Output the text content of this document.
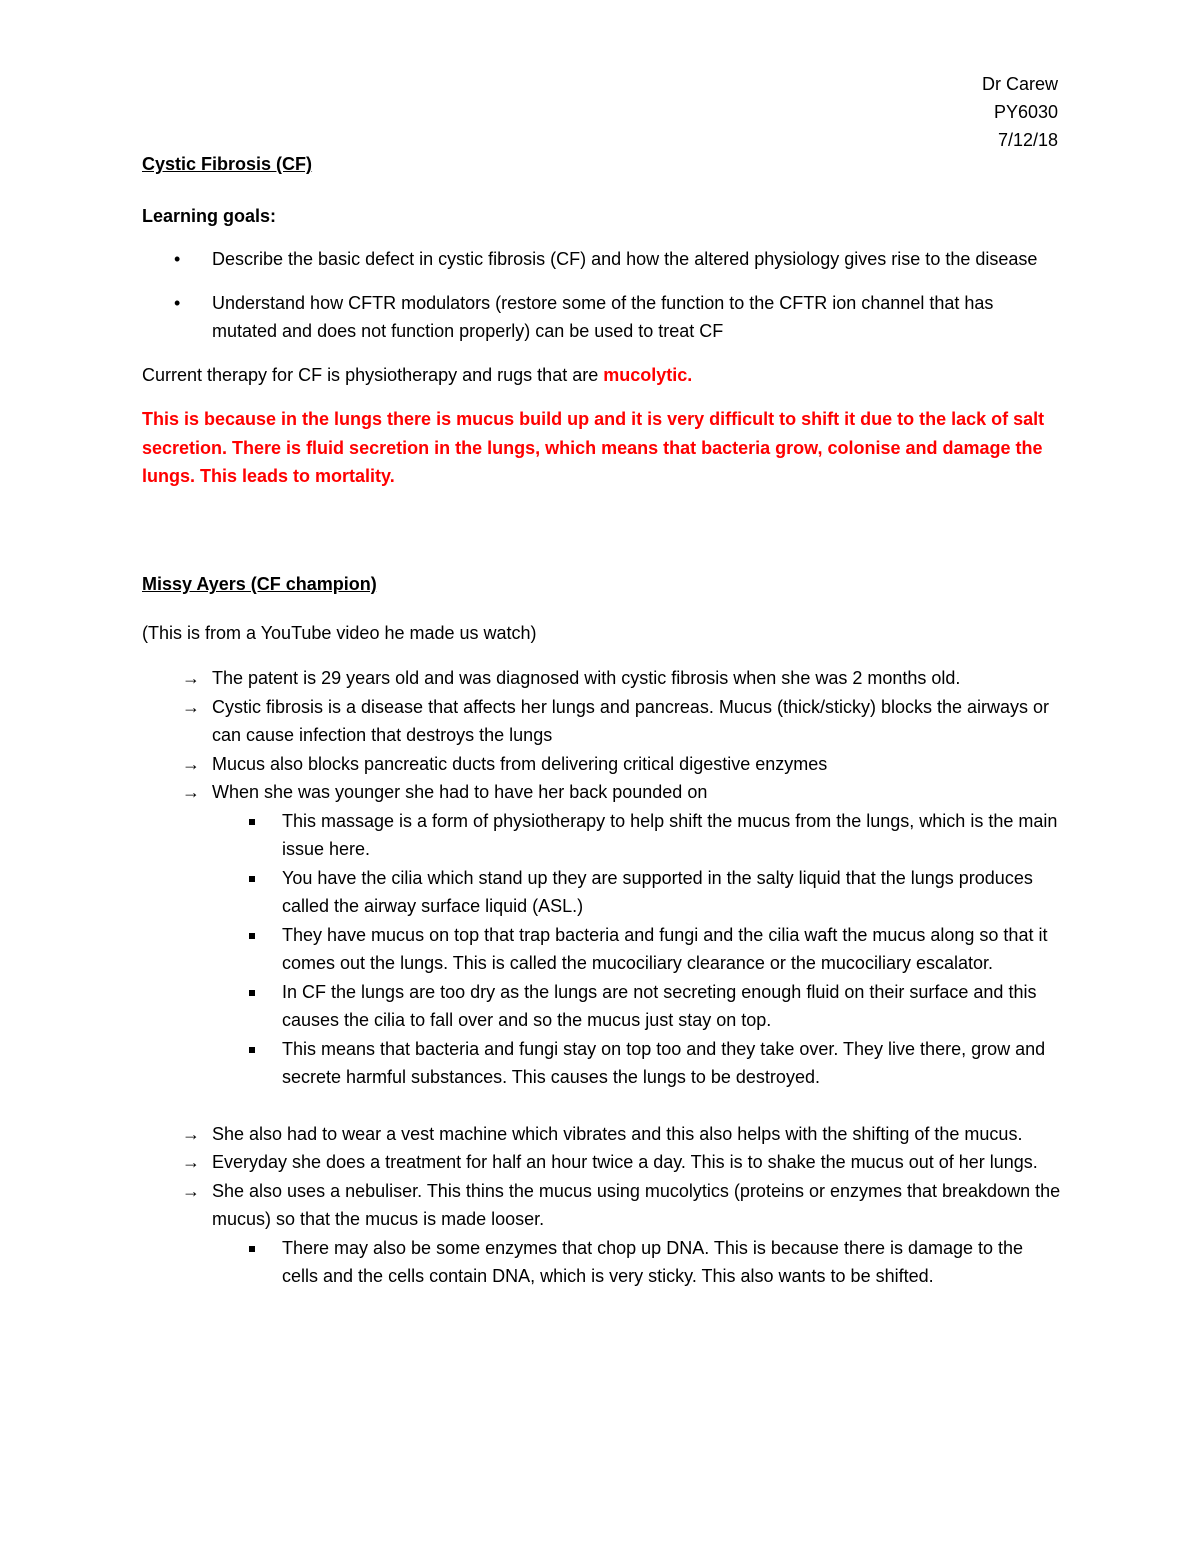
Dr Carew
PY6030
7/12/18
Cystic Fibrosis (CF)
Learning goals:
• Describe the basic defect in cystic fibrosis (CF) and how the altered physiology gives rise to the disease
• Understand how CFTR modulators (restore some of the function to the CFTR ion channel that has mutated and does not function properly) can be used to treat CF
Current therapy for CF is physiotherapy and rugs that are mucolytic.
This is because in the lungs there is mucus build up and it is very difficult to shift it due to the lack of salt secretion. There is fluid secretion in the lungs, which means that bacteria grow, colonise and damage the lungs. This leads to mortality.
Missy Ayers (CF champion)
(This is from a YouTube video he made us watch)
→ The patent is 29 years old and was diagnosed with cystic fibrosis when she was 2 months old.
→ Cystic fibrosis is a disease that affects her lungs and pancreas. Mucus (thick/sticky) blocks the airways or can cause infection that destroys the lungs
→ Mucus also blocks pancreatic ducts from delivering critical digestive enzymes
→ When she was younger she had to have her back pounded on
This massage is a form of physiotherapy to help shift the mucus from the lungs, which is the main issue here.
You have the cilia which stand up they are supported in the salty liquid that the lungs produces called the airway surface liquid (ASL.)
They have mucus on top that trap bacteria and fungi and the cilia waft the mucus along so that it comes out the lungs. This is called the mucociliary clearance or the mucociliary escalator.
In CF the lungs are too dry as the lungs are not secreting enough fluid on their surface and this causes the cilia to fall over and so the mucus just stay on top.
This means that bacteria and fungi stay on top too and they take over. They live there, grow and secrete harmful substances. This causes the lungs to be destroyed.
→ She also had to wear a vest machine which vibrates and this also helps with the shifting of the mucus.
→ Everyday she does a treatment for half an hour twice a day. This is to shake the mucus out of her lungs.
→ She also uses a nebuliser. This thins the mucus using mucolytics (proteins or enzymes that breakdown the mucus) so that the mucus is made looser.
There may also be some enzymes that chop up DNA. This is because there is damage to the cells and the cells contain DNA, which is very sticky. This also wants to be shifted.
